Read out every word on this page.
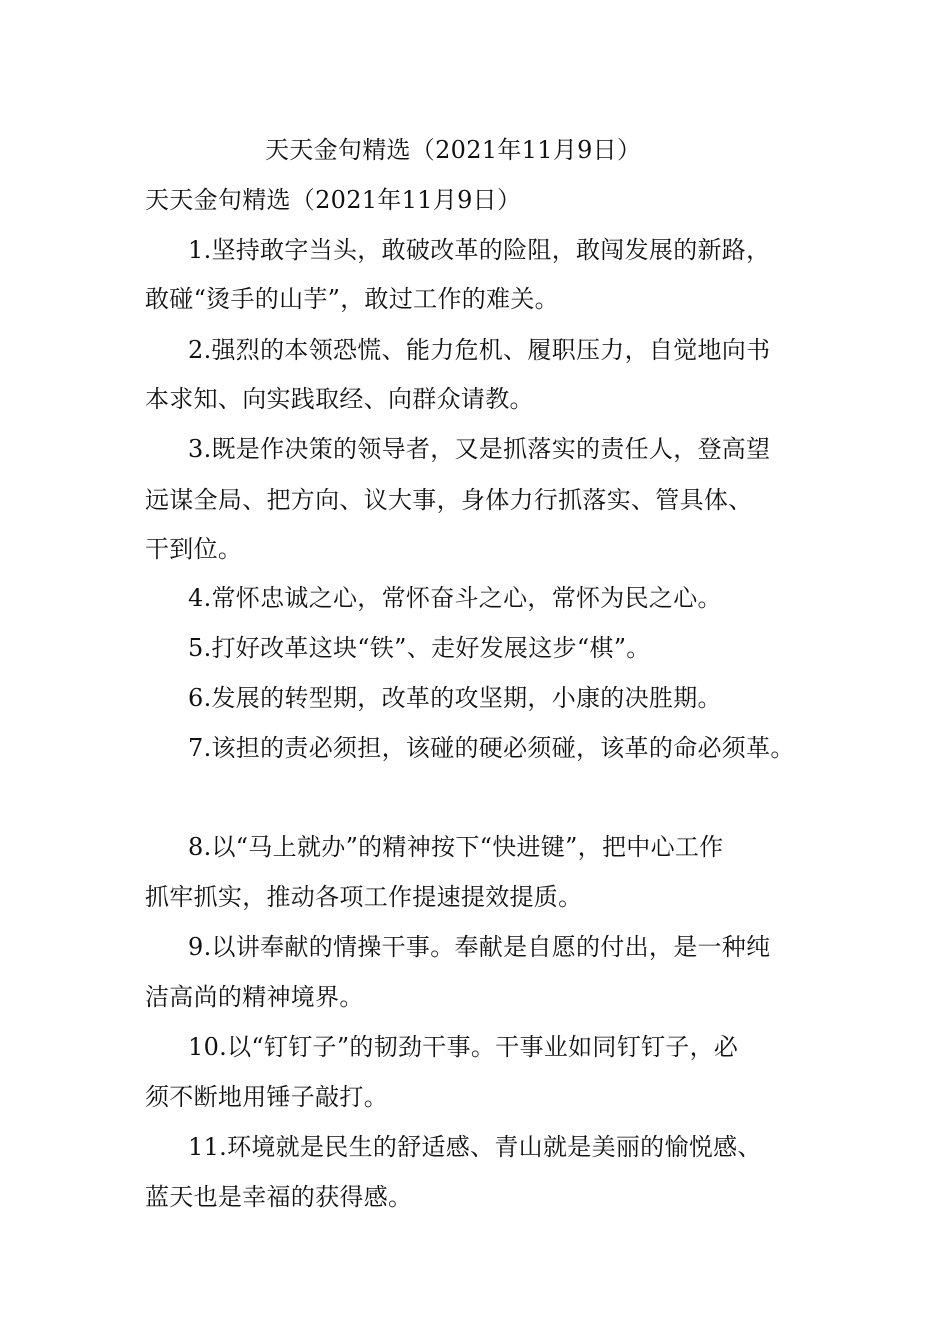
天天金句精选（2021年11月9日）
天天金句精选（2021年11月9日）
1.坚持敢字当头，敢破改革的险阻，敢闯发展的新路，
敢碰“烫手的山芋”，敢过工作的难关。
2.强烈的本领恐慌、能力危机、履职压力，自觉地向书
本求知、向实践取经、向群众请教。
3.既是作决策的领导者，又是抓落实的责任人，登高望
远谋全局、把方向、议大事，身体力行抓落实、管具体、
干到位。
4.常怀忠诚之心，常怀奋斗之心，常怀为民之心。
5.打好改革这块“铁”、走好发展这步“棋”。
6.发展的转型期，改革的攻坚期，小康的决胜期。
7.该担的责必须担，该碰的硬必须碰，该革的命必须革。
8.以“马上就办”的精神按下“快进键”，把中心工作
抓牢抓实，推动各项工作提速提效提质。
9.以讲奉献的情操干事。奉献是自愿的付出，是一种纯
洁高尚的精神境界。
10.以“钉钉子”的韧劲干事。干事业如同钉钉子，必
须不断地用锤子敲打。
11.环境就是民生的舒适感、青山就是美丽的愉悦感、
蓝天也是幸福的获得感。
